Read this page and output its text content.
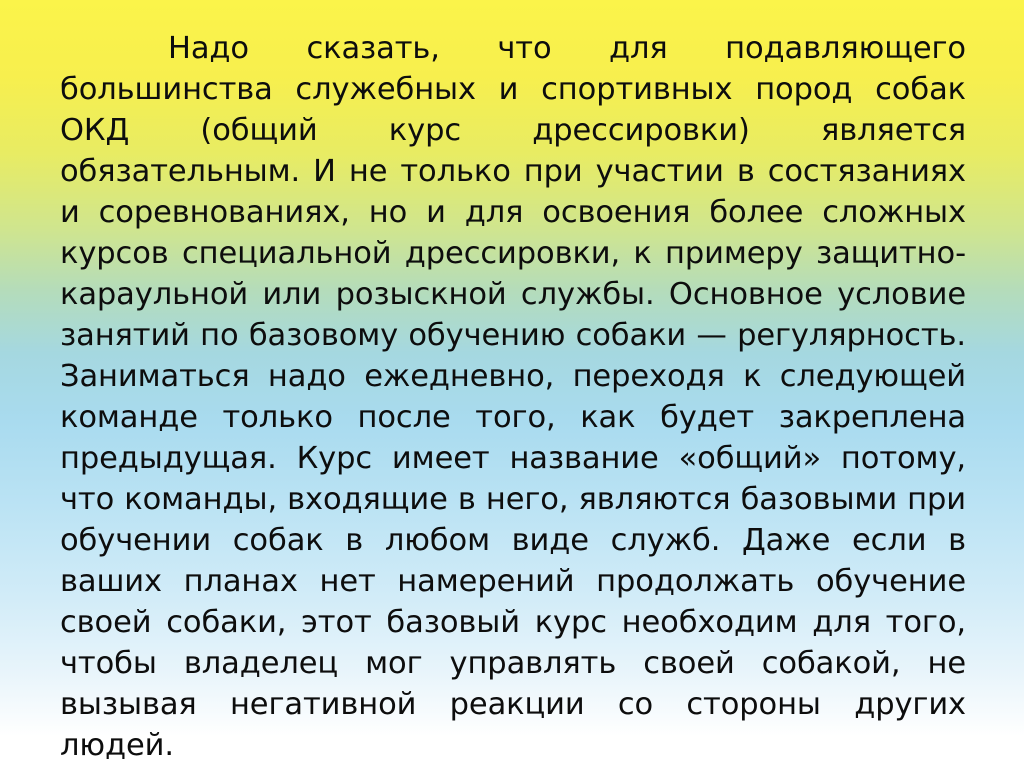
Надо сказать, что для подавляющего большинства служебных и спортивных пород собак ОКД (общий курс дрессировки) является обязательным. И не только при участии в состязаниях и соревнованиях, но и для освоения более сложных курсов специальной дрессировки, к примеру защитно-караульной или розыскной службы. Основное условие занятий по базовому обучению собаки — регулярность. Заниматься надо ежедневно, переходя к следующей команде только после того, как будет закреплена предыдущая. Курс имеет название «общий» потому, что команды, входящие в него, являются базовыми при обучении собак в любом виде служб. Даже если в ваших планах нет намерений продолжать обучение своей собаки, этот базовый курс необходим для того, чтобы владелец мог управлять своей собакой, не вызывая негативной реакции со стороны других людей.
